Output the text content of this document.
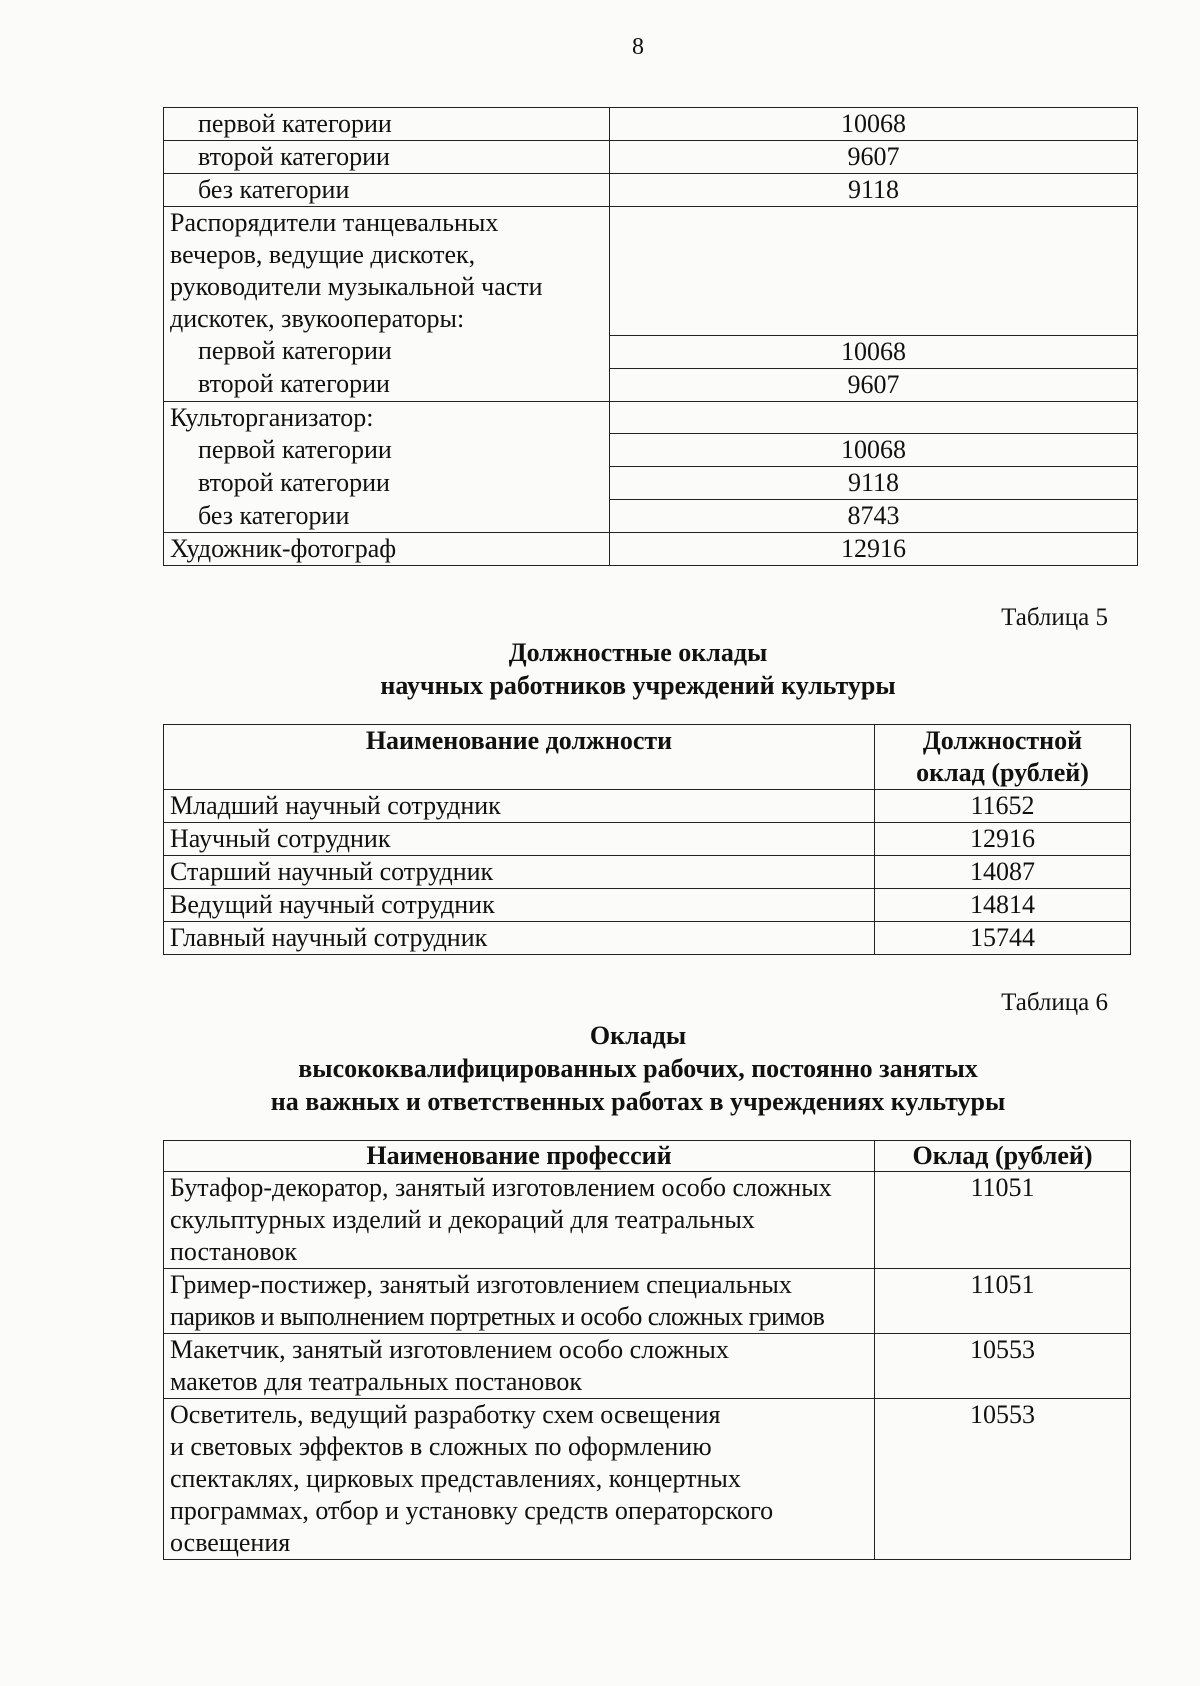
8
первой категории	10068
второй категории	9607
без категории	9118
Распорядители танцевальных	
вечеров, ведущие дискотек,	
руководители музыкальной части	
дискотек, звукооператоры:	
первой категории	10068
второй категории	9607
Культорганизатор:	
первой категории	10068
второй категории	9118
без категории	8743
Художник-фотограф	12916
Таблица 5
Должностные оклады
научных работников учреждений культуры
Наименование должности	Должностной
оклад (рублей)

Младший научный сотрудник	11652
Научный сотрудник	12916
Старший научный сотрудник	14087
Ведущий научный сотрудник	14814
Главный научный сотрудник	15744
Таблица 6
Оклады
высококвалифицированных рабочих, постоянно занятых
на важных и ответственных работах в учреждениях культуры
Наименование профессий	Оклад (рублей)

Бутафор-декоратор, занятый изготовлением особо сложных
скульптурных изделий и декораций для театральных
постановок	11051

Гример-постижер, занятый изготовлением специальных
париков и выполнением портретных и особо сложных гримов	11051

Макетчик, занятый изготовлением особо сложных
макетов для театральных постановок	10553

Осветитель, ведущий разработку схем освещения
и световых эффектов в сложных по оформлению
спектаклях, цирковых представлениях, концертных
программах, отбор и установку средств операторского
освещения	10553
